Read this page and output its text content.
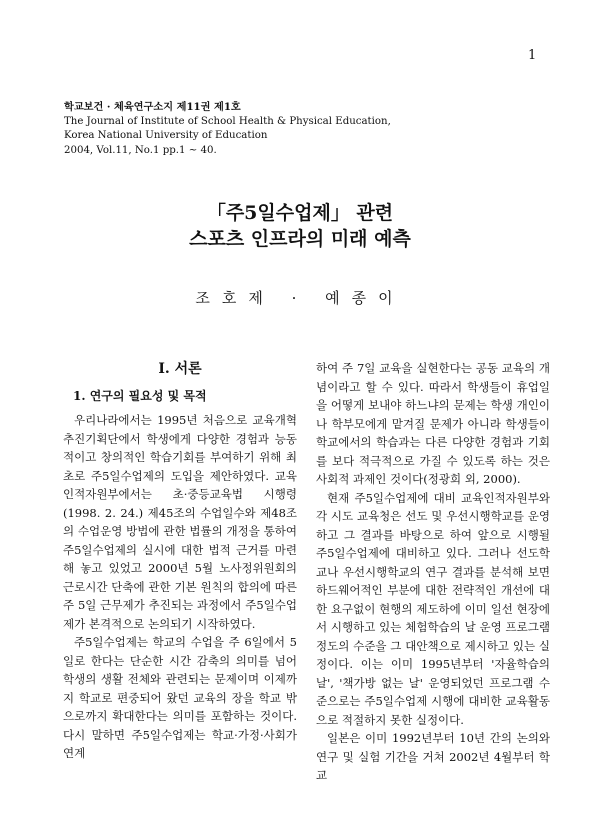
1
학교보건 · 체육연구소지 제11권 제1호
The Journal of Institute of School Health & Physical Education,
Korea National University of Education
2004, Vol.11, No.1 pp.1 ~ 40.
「주5일수업제」 관련
스포츠 인프라의 미래 예측
조호제 · 예종이
I. 서론
1. 연구의 필요성 및 목적

우리나라에서는 1995년 처음으로 교육개혁추진기획단에서 학생에게 다양한 경험과 능동적이고 창의적인 학습기회를 부여하기 위해 최초로 주5일수업제의 도입을 제안하였다. 교육인적자원부에서는 초·중등교육법 시행령(1998. 2. 24.) 제45조의 수업일수와 제48조의 수업운영 방법에 관한 법률의 개정을 통하여 주5일수업제의 실시에 대한 법적 근거를 마련해 놓고 있었고 2000년 5월 노사정위원회의 근로시간 단축에 관한 기본 원칙의 합의에 따른 주 5일 근무제가 추진되는 과정에서 주5일수업제가 본격적으로 논의되기 시작하였다.

주5일수업제는 학교의 수업을 주 6일에서 5일로 한다는 단순한 시간 감축의 의미를 넘어 학생의 생활 전체와 관련되는 문제이며 이제까지 학교로 편중되어 왔던 교육의 장을 학교 밖으로까지 확대한다는 의미를 포함하는 것이다. 다시 말하면 주5일수업제는 학교·가정·사회가 연계

하여 주 7일 교육을 실현한다는 공동 교육의 개념이라고 할 수 있다. 따라서 학생들이 휴업일을 어떻게 보내야 하느냐의 문제는 학생 개인이나 학부모에게 맡겨질 문제가 아니라 학생들이 학교에서의 학습과는 다른 다양한 경험과 기회를 보다 적극적으로 가질 수 있도록 하는 것은 사회적 과제인 것이다(정광희 외, 2000).

현재 주5일수업제에 대비 교육인적자원부와 각 시도 교육청은 선도 및 우선시행학교를 운영하고 그 결과를 바탕으로 하여 앞으로 시행될 주5일수업제에 대비하고 있다. 그러나 선도학교나 우선시행학교의 연구 결과를 분석해 보면 하드웨어적인 부분에 대한 전략적인 개선에 대한 요구없이 현행의 제도하에 이미 일선 현장에서 시행하고 있는 체험학습의 날 운영 프로그램 정도의 수준을 그 대안책으로 제시하고 있는 실정이다. 이는 이미 1995년부터 '자율학습의 날', '책가방 없는 날' 운영되었던 프로그램 수준으로는 주5일수업제 시행에 대비한 교육활동으로 적절하지 못한 실정이다.

일본은 이미 1992년부터 10년 간의 논의와 연구 및 실험 기간을 거쳐 2002년 4월부터 학교
